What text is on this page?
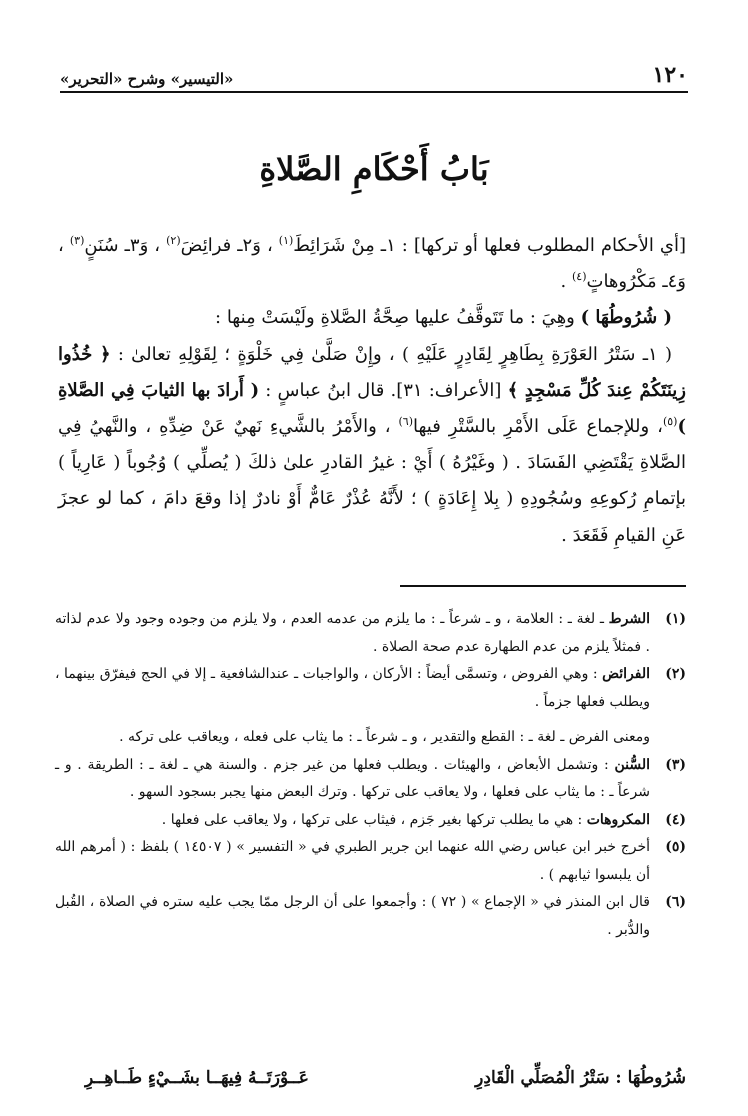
١٢٠
«التيسير» وشرح «التحرير»
بَابُ أَحْكَامِ الصَّلاةِ

[أي الأحكام المطلوب فعلها أو تركها] : ١ـ مِنْ شَرَائِطَ$^{(١)}$ ، وَ٢ـ فرائِضَ$^{(٢)}$ ، وَ٣ـ سُنَنٍ$^{(٣)}$ ، وَ٤ـ مَكْرُوهاتٍ$^{(٤)}$ .

( شُرُوطُهَا ) وهِيَ : ما تَتَوقَّفُ عليها صِحَّةُ الصَّلاةِ ولَيْسَتْ مِنها :

( ١ـ سَتْرُ العَوْرَةِ بِطَاهِرٍ لِقَادِرٍ عَلَيْهِ ) ، وإِنْ صَلَّىٰ فِي خَلْوَةٍ ؛ لِقَوْلِهِ تعالىٰ : ﴿ خُذُوا زِينَتَكُمْ عِندَ كُلِّ مَسْجِدٍ ﴾ [الأعراف: ٣١]. قال ابنُ عباسٍ : ( أَرادَ بها الثيابَ فِي الصَّلاةِ )$^{(٥)}$، وللإجماع عَلَى الأَمْرِ بالسَّتْرِ فيها$^{(٦)}$ ، والأَمْرُ بالشَّيءِ نَهيٌ عَنْ ضِدِّهِ ، والنَّهيُ فِي الصَّلاةِ يَقْتَضِي الفَسَادَ . ( وغَيْرُهُ ) أَيْ : غيرُ القادرِ علىٰ ذلكَ ( يُصلِّي ) وُجُوباً ( عَارِياً ) بإتمامِ رُكوعِهِ وسُجُودِهِ ( بِلا إِعَادَةٍ ) ؛ لأَنَّهُ عُذْرٌ عَامٌّ أَوْ نادرٌ إذا وقعَ دامَ ، كما لو عجزَ عَنِ القيامِ فَقَعَدَ .

(١)
الشرط ـ لغة ـ : العلامة ، و ـ شرعاً ـ : ما يلزم من عدمه العدم ، ولا يلزم من وجوده وجود ولا عدم لذاته . فمثلاً يلزم من عدم الطهارة عدم صحة الصلاة .
(٢)
الفرائض : وهي الفروض ، وتسمَّى أيضاً : الأركان ، والواجبات ـ عندالشافعية ـ إلا في الحج فيفرّق بينهما ، ويطلب فعلها جزماً .
ومعنى الفرض ـ لغة ـ : القطع والتقدير ، و ـ شرعاً ـ : ما يثاب على فعله ، ويعاقب على تركه .
(٣)
السُّنن : وتشمل الأبعاض ، والهيئات . ويطلب فعلها من غير جزم . والسنة هي ـ لغة ـ : الطريقة . و ـ شرعاً ـ : ما يثاب على فعلها ، ولا يعاقب على تركها . وترك البعض منها يجبر بسجود السهو .
(٤)
المكروهات : هي ما يطلب تركها بغير جَزم ، فيثاب على تركها ، ولا يعاقب على فعلها .
(٥)
أخرج خبر ابن عباس رضي الله عنهما ابن جرير الطبري في « التفسير » ( ١٤٥٠٧ ) بلفظ : ( أمرهم الله أن يلبسوا ثيابهم ) .
(٦)
قال ابن المنذر في « الإجماع » ( ٧٢ ) : وأجمعوا على أن الرجل ممّا يجب عليه ستره في الصلاة ، القُبل والدُّبر .
شُرُوطُهَا : سَتْرُ الْمُصَلِّي الْقَادِرِ
عَــوْرَتَــهُ فِيهَــا بشَــيْءٍ طَــاهِــرِ
